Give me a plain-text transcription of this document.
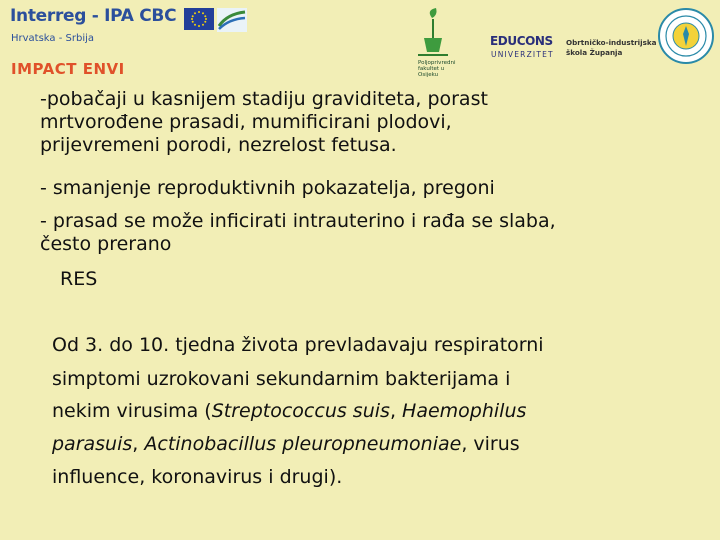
Interreg - IPA CBC
Hrvatska - Srbija
IMPACT ENVI	Poljoprivredni
fakultet u
Osijeku
EDUCONS
UNIVERZITET
Obrtničko-industrijska
škola Županja

-pobačaji u kasnijem stadiju graviditeta, porast

mrtvorođene prasadi, mumificirani plodovi,

prijevremeni porodi, nezrelost fetusa.

- smanjenje reproduktivnih pokazatelja, pregoni

- prasad se može inficirati intrauterino i rađa se slaba,

često prerano

RES

Od 3. do 10. tjedna života prevladavaju respiratorni

simptomi uzrokovani sekundarnim bakterijama i

nekim virusima (Streptococcus suis, Haemophilus

parasuis, Actinobacillus pleuropneumoniae, virus

influence, koronavirus i drugi).
